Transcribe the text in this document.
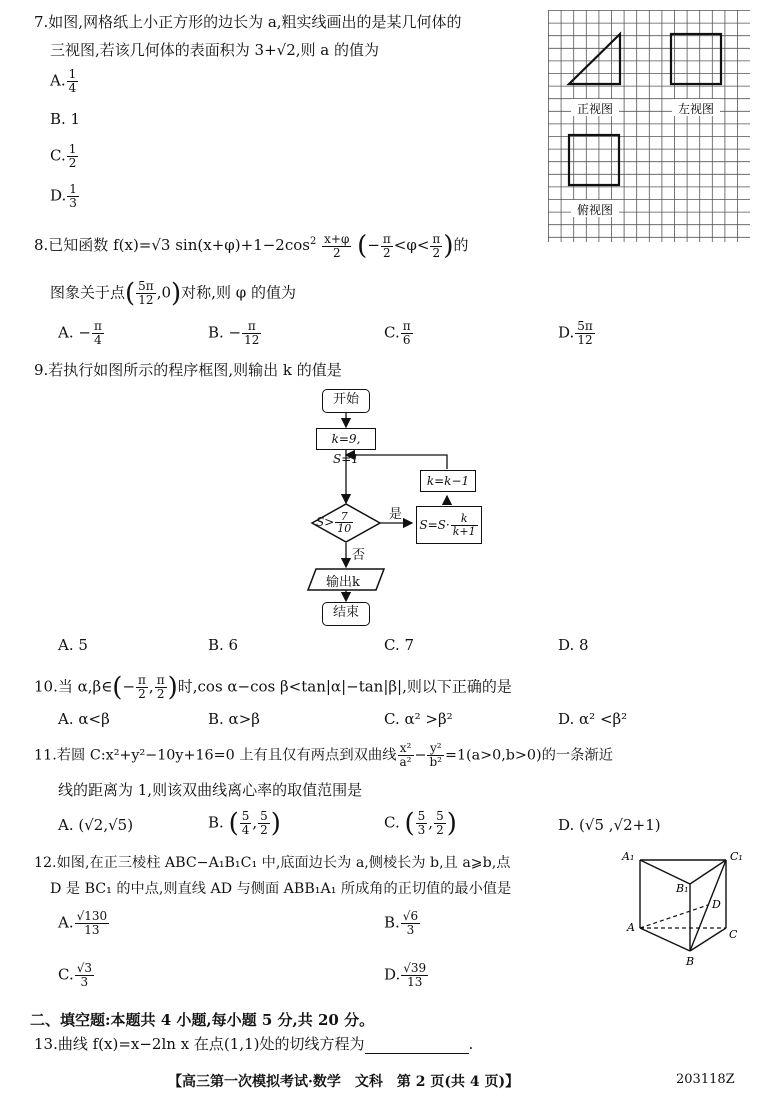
7.如图,网格纸上小正方形的边长为 a,粗实线画出的是某几何体的
三视图,若该几何体的表面积为 3+√2,则 a 的值为
A. $\frac{1}{4}$
B. 1
C. $\frac{1}{2}$
D. $\frac{1}{3}$
正视图	左视图
俯视图
8.已知函数 f(x)=√3 $\sin(x+\varphi)+1-2\cos^2 \frac{x+\varphi}{2}$ (− $\frac{\pi}{2} <\varphi< \frac{\pi}{2}$ )的
图象关于点( $\frac{5\pi}{12} ,0$)对称,则 φ 的值为
A. − $\frac{\pi}{4}$	B. − $\frac{\pi}{12}$	C. $\frac{\pi}{6}$	D. $\frac{5\pi}{12}$
9.若执行如图所示的程序框图,则输出 k 的值是
开始
k=9, S=1
$S> \frac{7}{10}$	是
否
k=k−1
$S=S\cdot \frac{k}{k+1}$
输出k
结束
A. 5	B. 6	C. 7	D. 8
10.当 α,β∈(− $\frac{\pi}{2}$ , $\frac{\pi}{2}$ )时,cos α−cos β<tan|α|−tan|β|,则以下正确的是
A. α<β	B. α>β	C. α² >β²	D. α² <β²
11.若圆 C:x²+y²−10y+16=0 上有且仅有两点到双曲线 $\frac{\text{x²}}{\text{a²}} - \frac{\text{y²}}{\text{b²}} =1(a>0,b>0)$的一条渐近
线的距离为 1,则该双曲线离心率的取值范围是
A. (√2,√5)	B. ( $\frac{5}{4}$ , $\frac{5}{2}$ )	C. ( $\frac{5}{3}$ , $\frac{5}{2}$ )	D. (√5 ,√2+1)
12.如图,在正三棱柱 ABC−A₁B₁C₁ 中,底面边长为 a,侧棱长为 b,且 a⩾b,点
D 是 BC₁ 的中点,则直线 AD 与侧面 ABB₁A₁ 所成角的正切值的最小值是
A. $\frac{√130}{13}$	B. $\frac{√6}{3}$
C. $\frac{√3}{3}$	D. $\frac{√39}{13}$
A₁	C₁
B₁
D
A
C
B
二、填空题:本题共 4 小题,每小题 5 分,共 20 分。
13.曲线 f(x)=x−2ln x 在点(1,1)处的切线方程为	.
【高三第一次模拟考试·数学　文科　第 2 页(共 4 页)】	203118Z
